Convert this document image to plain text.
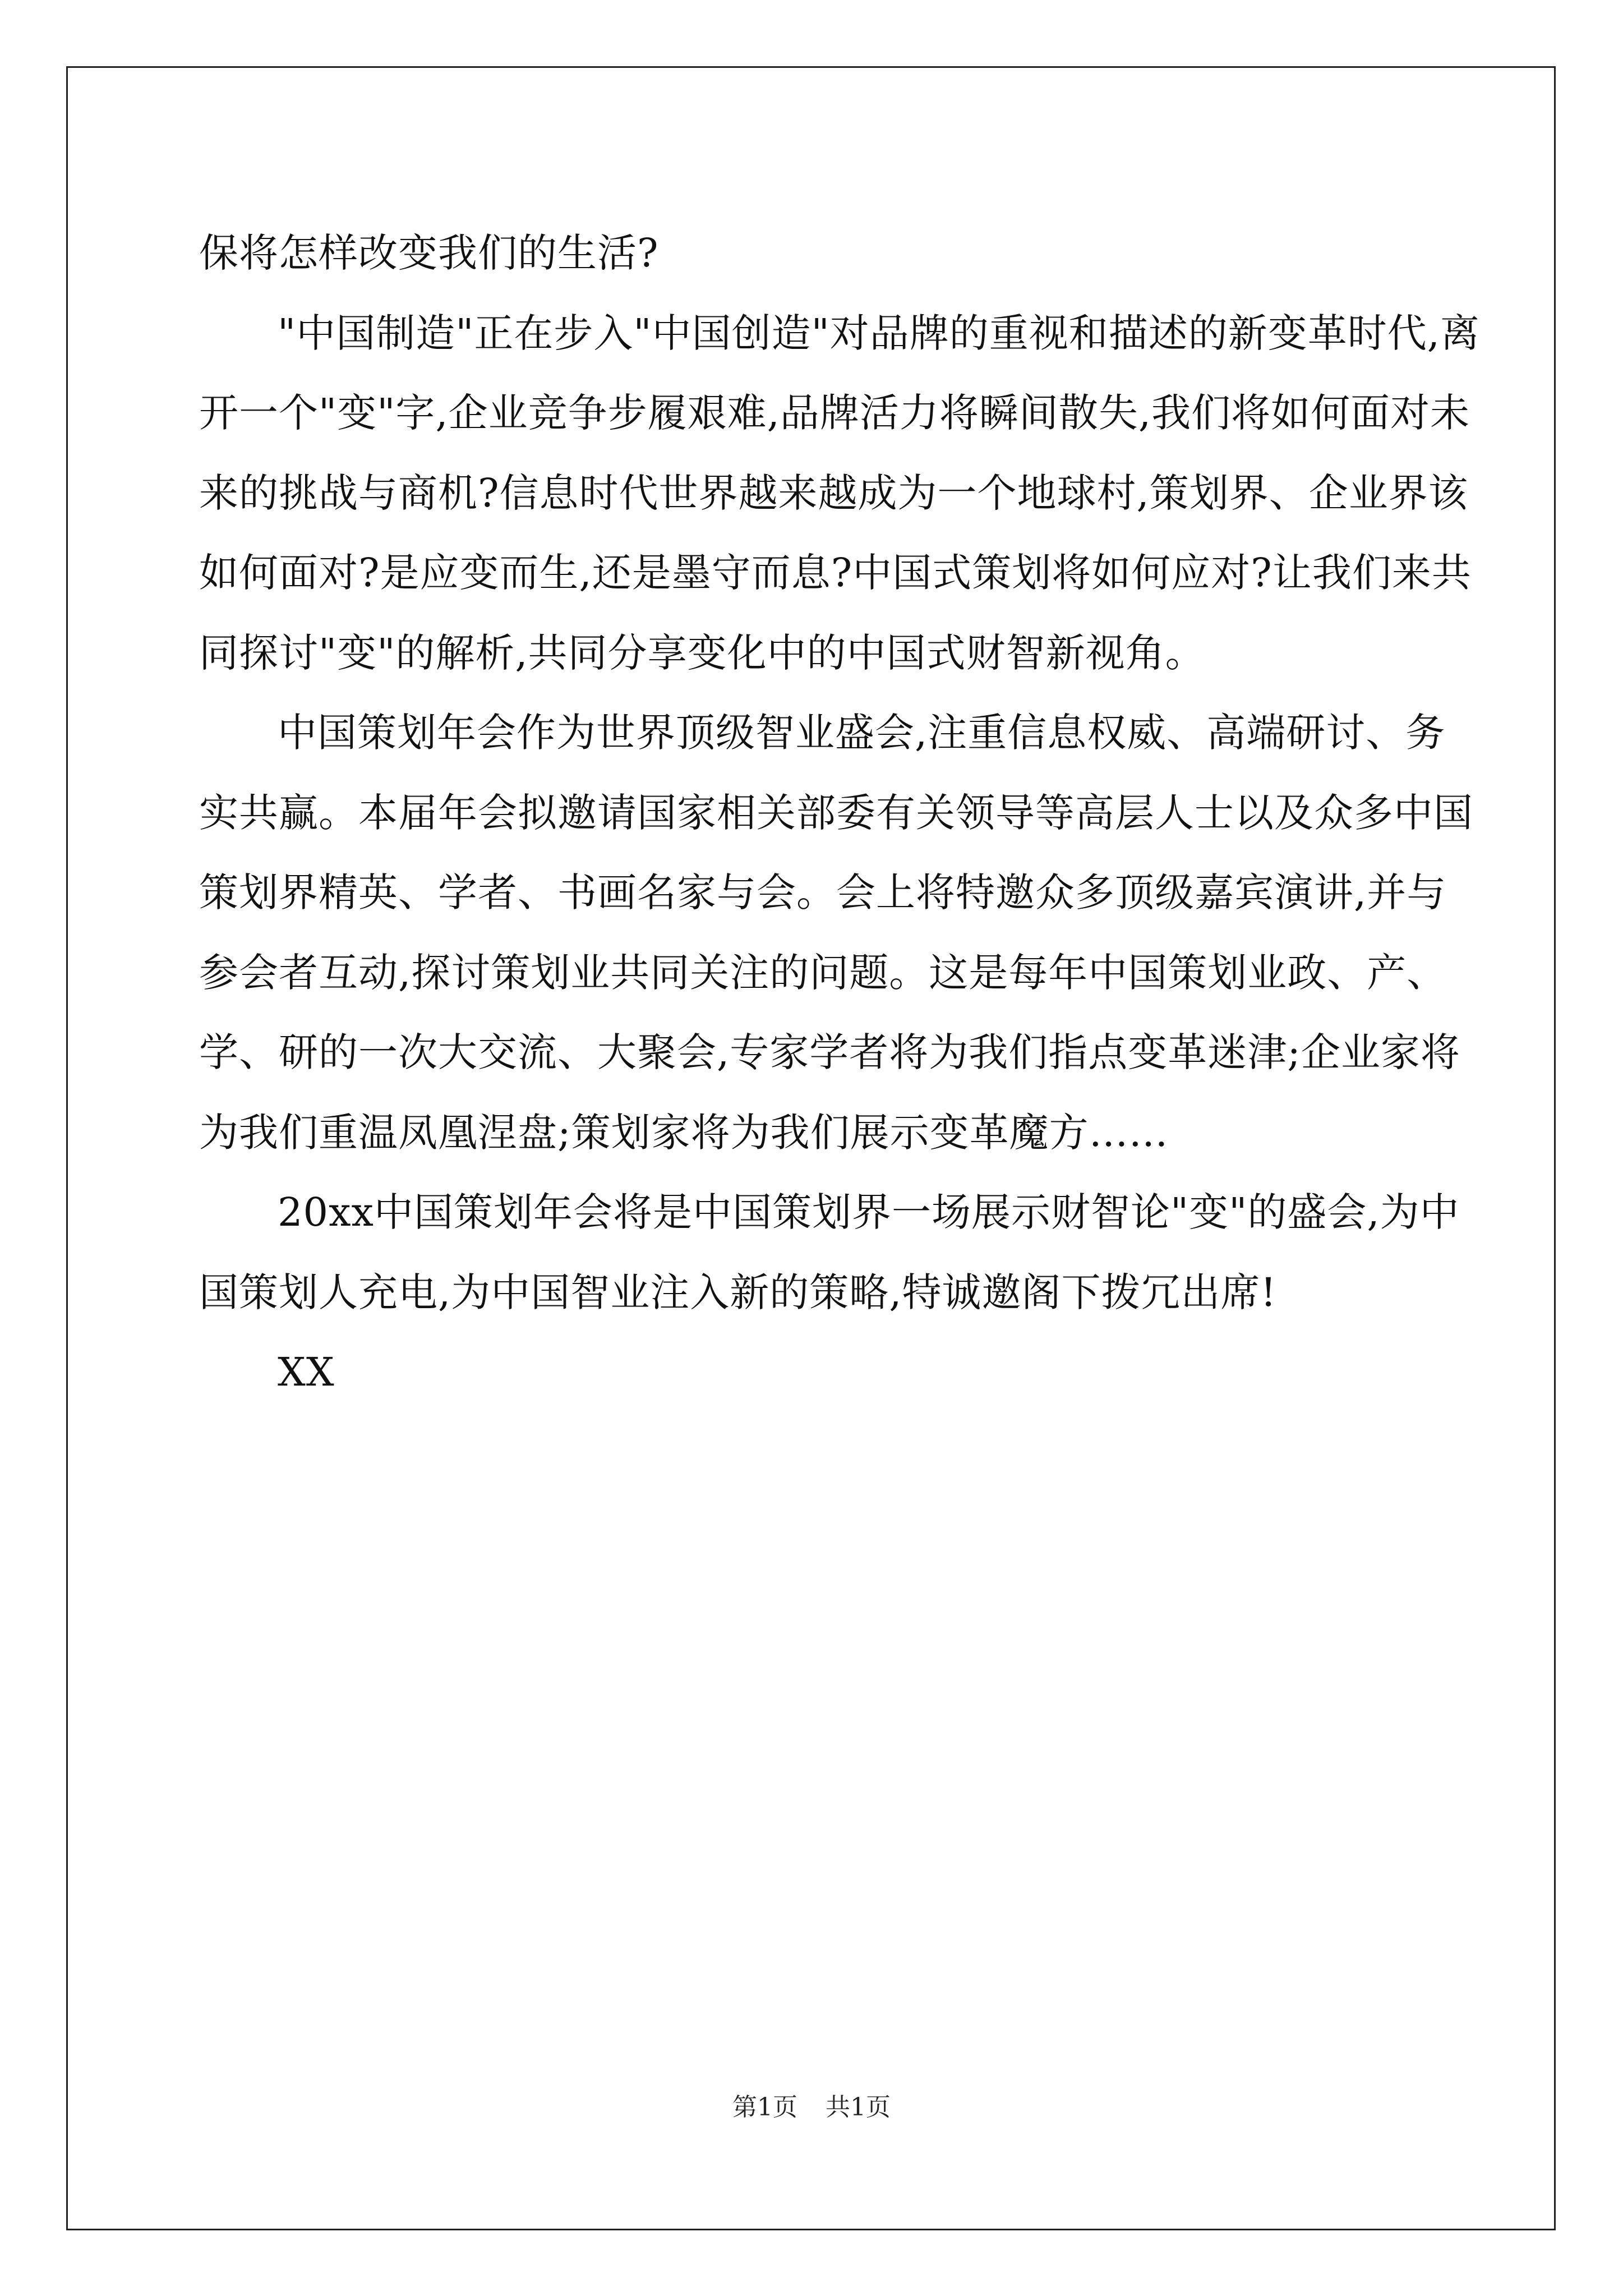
保将怎样改变我们的生活?

"中国制造"正在步入"中国创造"对品牌的重视和描述的新变革时代,离开一个"变"字,企业竞争步履艰难,品牌活力将瞬间散失,我们将如何面对未来的挑战与商机?信息时代世界越来越成为一个地球村,策划界、企业界该如何面对?是应变而生,还是墨守而息?中国式策划将如何应对?让我们来共同探讨"变"的解析,共同分享变化中的中国式财智新视角。

中国策划年会作为世界顶级智业盛会,注重信息权威、高端研讨、务实共赢。本届年会拟邀请国家相关部委有关领导等高层人士以及众多中国策划界精英、学者、书画名家与会。会上将特邀众多顶级嘉宾演讲,并与参会者互动,探讨策划业共同关注的问题。这是每年中国策划业政、产、学、研的一次大交流、大聚会,专家学者将为我们指点变革迷津;企业家将为我们重温凤凰涅盘;策划家将为我们展示变革魔方……

20xx中国策划年会将是中国策划界一场展示财智论"变"的盛会,为中国策划人充电,为中国智业注入新的策略,特诚邀阁下拨冗出席!

XX

第1页 共1页
